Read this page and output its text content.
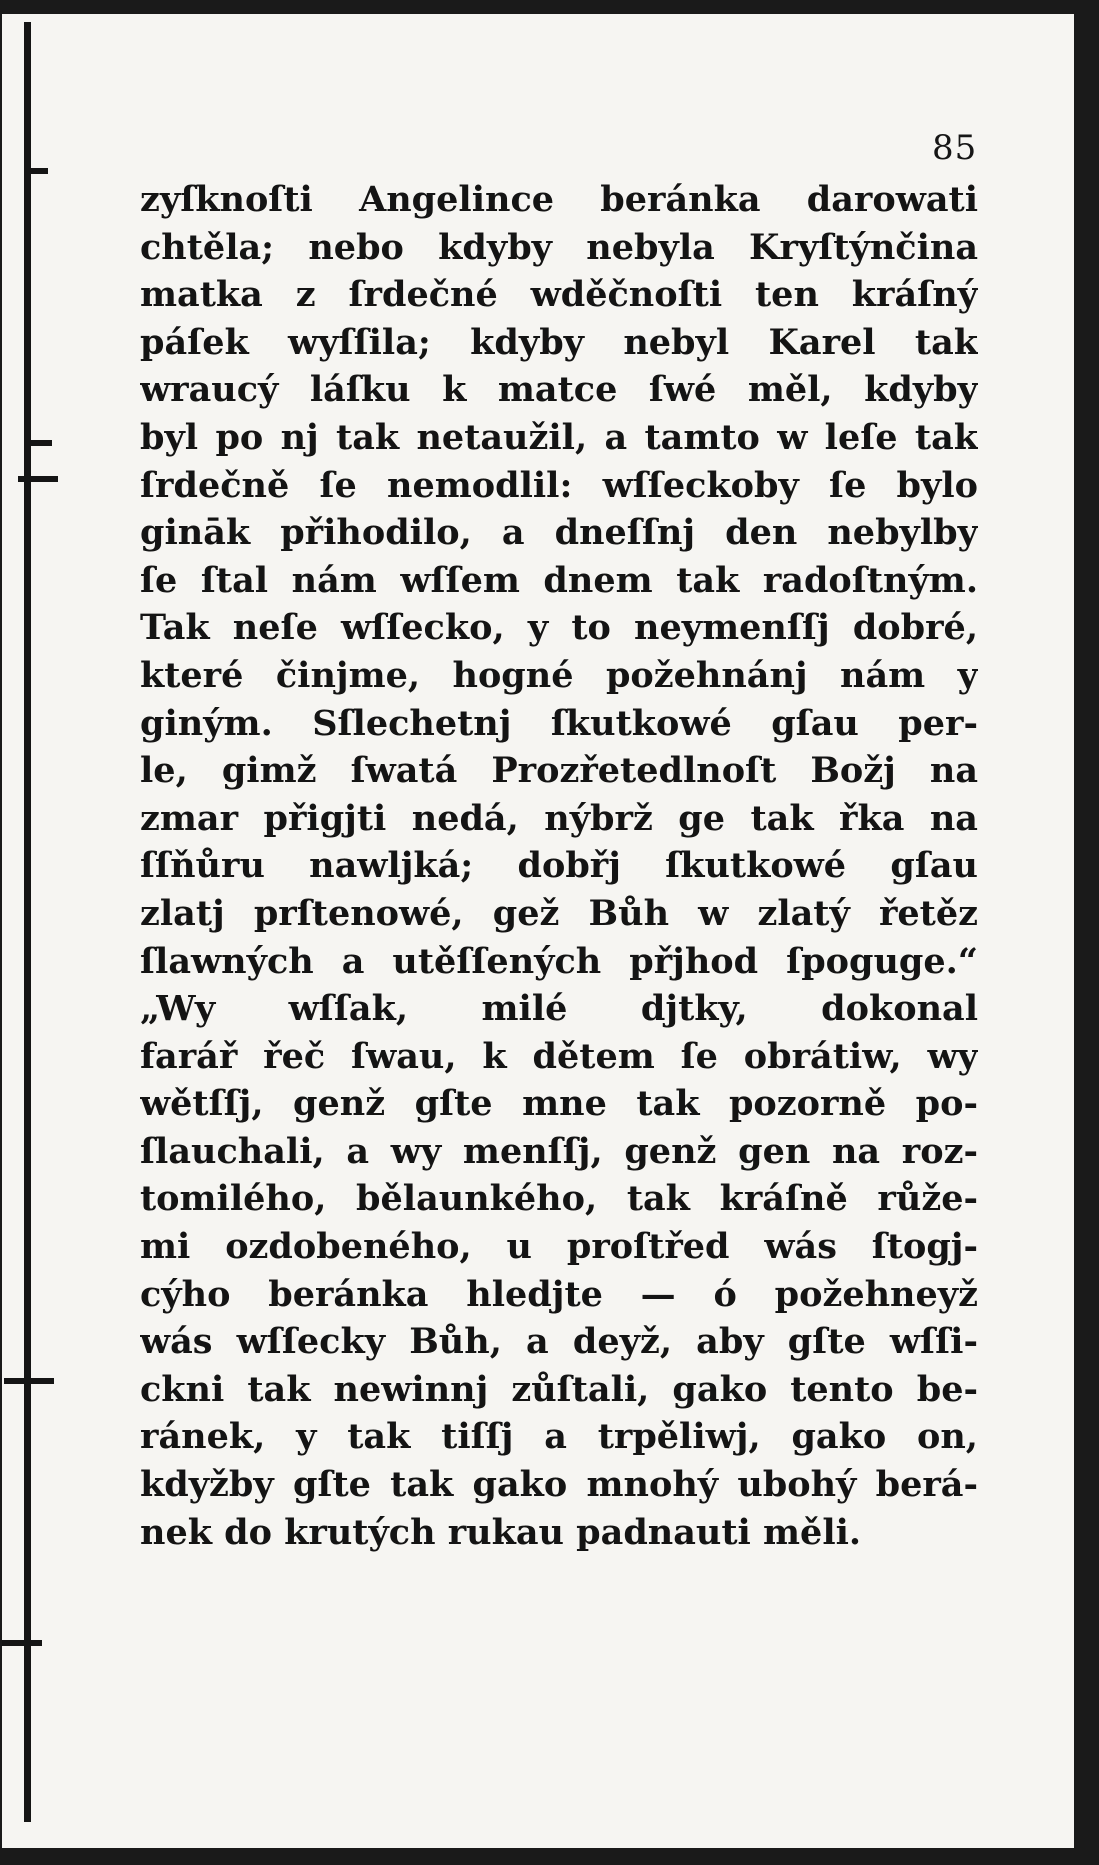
85
zyſknoſti Angelince beránka darowati
chtěla; nebo kdyby nebyla Kryſtýnčina
matka z ſrdečné wděčnoſti ten kráſný
páſek wyſſila; kdyby nebyl Karel tak
wraucý láſku k matce ſwé měl, kdyby
byl po nj tak netaužil, a tamto w leſe tak
ſrdečně ſe nemodlil: wſſeckoby ſe bylo
gināk přihodilo, a dneſſnj den nebylby
ſe ſtal nám wſſem dnem tak radoſtným.
Tak neſe wſſecko, y to neymenſſj dobré,
které činjme, hogné požehnánj nám y
giným. Sſlechetnj ſkutkowé gſau per-
le, gimž ſwatá Prozřetedlnoſt Božj na
zmar přigjti nedá, nýbrž ge tak řka na
ſſňůru nawljká; dobřj ſkutkowé gſau
zlatj prſtenowé, gež Bůh w zlatý řetěz
ſlawných a utěſſených přjhod ſpoguge.“
„Wy wſſak, milé djtky, dokonal
farář řeč ſwau, k dětem ſe obrátiw, wy
wětſſj, genž gſte mne tak pozorně po-
ſlauchali, a wy menſſj, genž gen na roz-
tomilého, bělaunkého, tak kráſně růže-
mi ozdobeného, u proſtřed wás ſtogj-
cýho beránka hledjte — ó požehneyž
wás wſſecky Bůh, a deyž, aby gſte wſſi-
ckni tak newinnj zůſtali, gako tento be-
ránek, y tak tiſſj a trpěliwj, gako on,
kdyžby gſte tak gako mnohý ubohý berá-
nek do krutých rukau padnauti měli.
